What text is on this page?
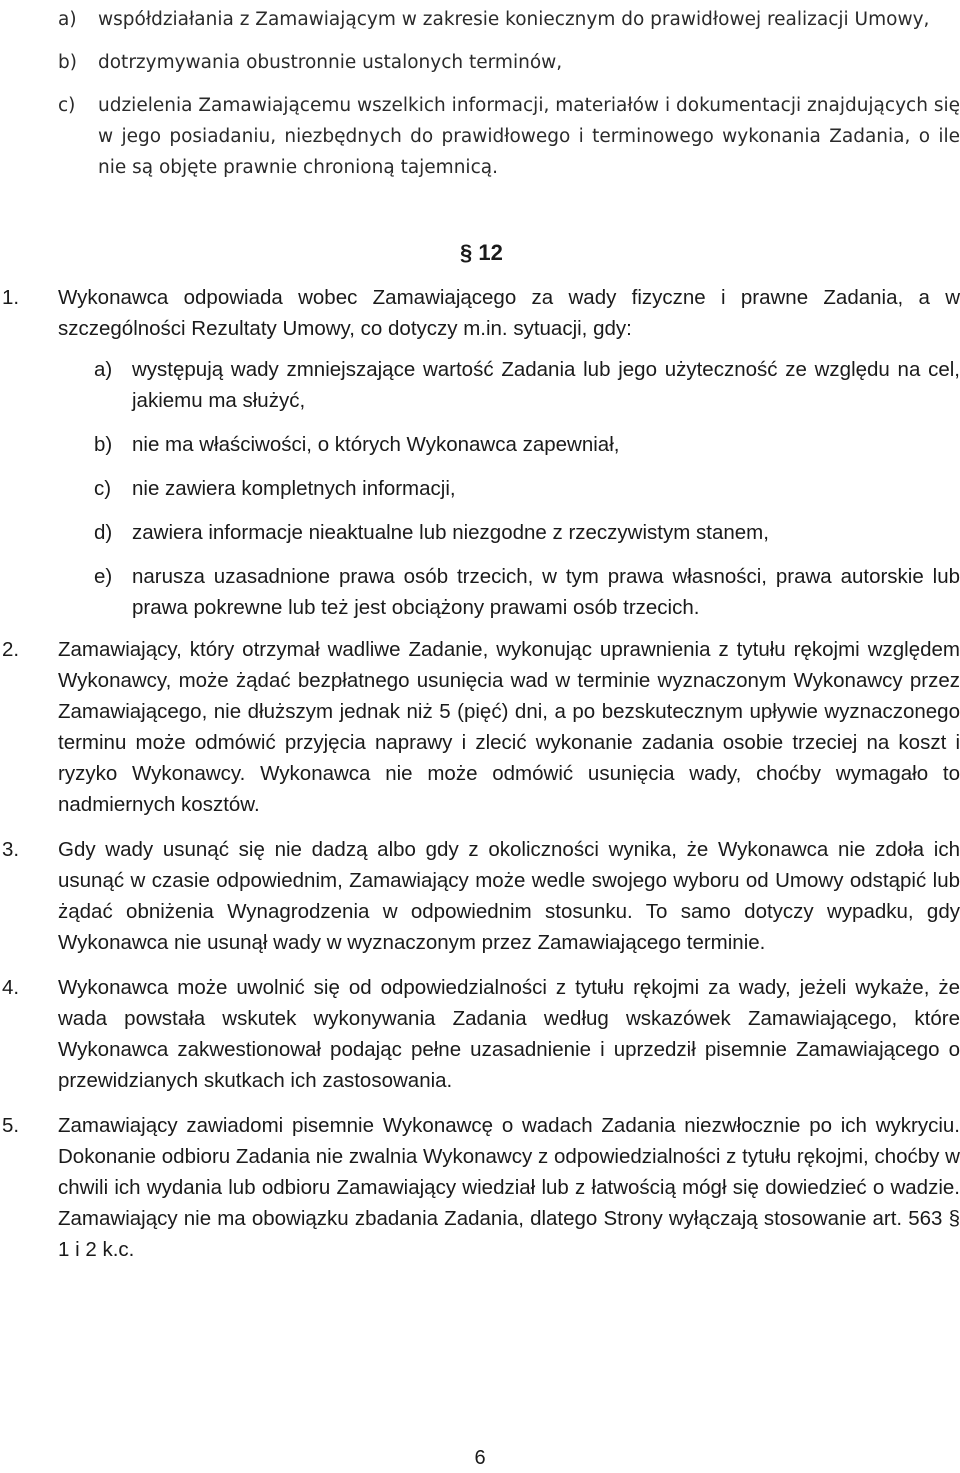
a)	współdziałania z Zamawiającym w zakresie koniecznym do prawidłowej realizacji Umowy,
b)	dotrzymywania obustronnie ustalonych terminów,
c)	udzielenia Zamawiającemu wszelkich informacji, materiałów i dokumentacji znajdujących się w jego posiadaniu, niezbędnych do prawidłowego i terminowego wykonania Zadania, o ile nie są objęte prawnie chronioną tajemnicą.
§ 12
1.	Wykonawca odpowiada wobec Zamawiającego za wady fizyczne i prawne Zadania, a w szczególności Rezultaty Umowy, co dotyczy m.in. sytuacji, gdy:
a) występują wady zmniejszające wartość Zadania lub jego użyteczność ze względu na cel, jakiemu ma służyć,
b) nie ma właściwości, o których Wykonawca zapewniał,
c)	nie zawiera kompletnych informacji,
d) zawiera informacje nieaktualne lub niezgodne z rzeczywistym stanem,
e) narusza uzasadnione prawa osób trzecich, w tym prawa własności, prawa autorskie lub prawa pokrewne lub też jest obciążony prawami osób trzecich.
2.	Zamawiający, który otrzymał wadliwe Zadanie, wykonując uprawnienia z tytułu rękojmi względem Wykonawcy, może żądać bezpłatnego usunięcia wad w terminie wyznaczonym Wykonawcy przez Zamawiającego, nie dłuższym jednak niż 5 (pięć) dni, a po bezskutecznym upływie wyznaczonego terminu może odmówić przyjęcia naprawy i zlecić wykonanie zadania osobie trzeciej na koszt i ryzyko Wykonawcy. Wykonawca nie może odmówić usunięcia wady, choćby wymagało to nadmiernych kosztów.
3.	Gdy wady usunąć się nie dadzą albo gdy z okoliczności wynika, że Wykonawca nie zdoła ich usunąć w czasie odpowiednim, Zamawiający może wedle swojego wyboru od Umowy odstąpić lub żądać obniżenia Wynagrodzenia w odpowiednim stosunku. To samo dotyczy wypadku, gdy Wykonawca nie usunął wady w wyznaczonym przez Zamawiającego terminie.
4.	Wykonawca może uwolnić się od odpowiedzialności z tytułu rękojmi za wady, jeżeli wykaże, że wada powstała wskutek wykonywania Zadania według wskazówek Zamawiającego, które Wykonawca zakwestionował podając pełne uzasadnienie i uprzedził pisemnie Zamawiającego o przewidzianych skutkach ich zastosowania.
5.	Zamawiający zawiadomi pisemnie Wykonawcę o wadach Zadania niezwłocznie po ich wykryciu. Dokonanie odbioru Zadania nie zwalnia Wykonawcy z odpowiedzialności z tytułu rękojmi, choćby w chwili ich wydania lub odbioru Zamawiający wiedział lub z łatwością mógł się dowiedzieć o wadzie. Zamawiający nie ma obowiązku zbadania Zadania, dlatego Strony wyłączają stosowanie art. 563 § 1 i 2 k.c.
6
